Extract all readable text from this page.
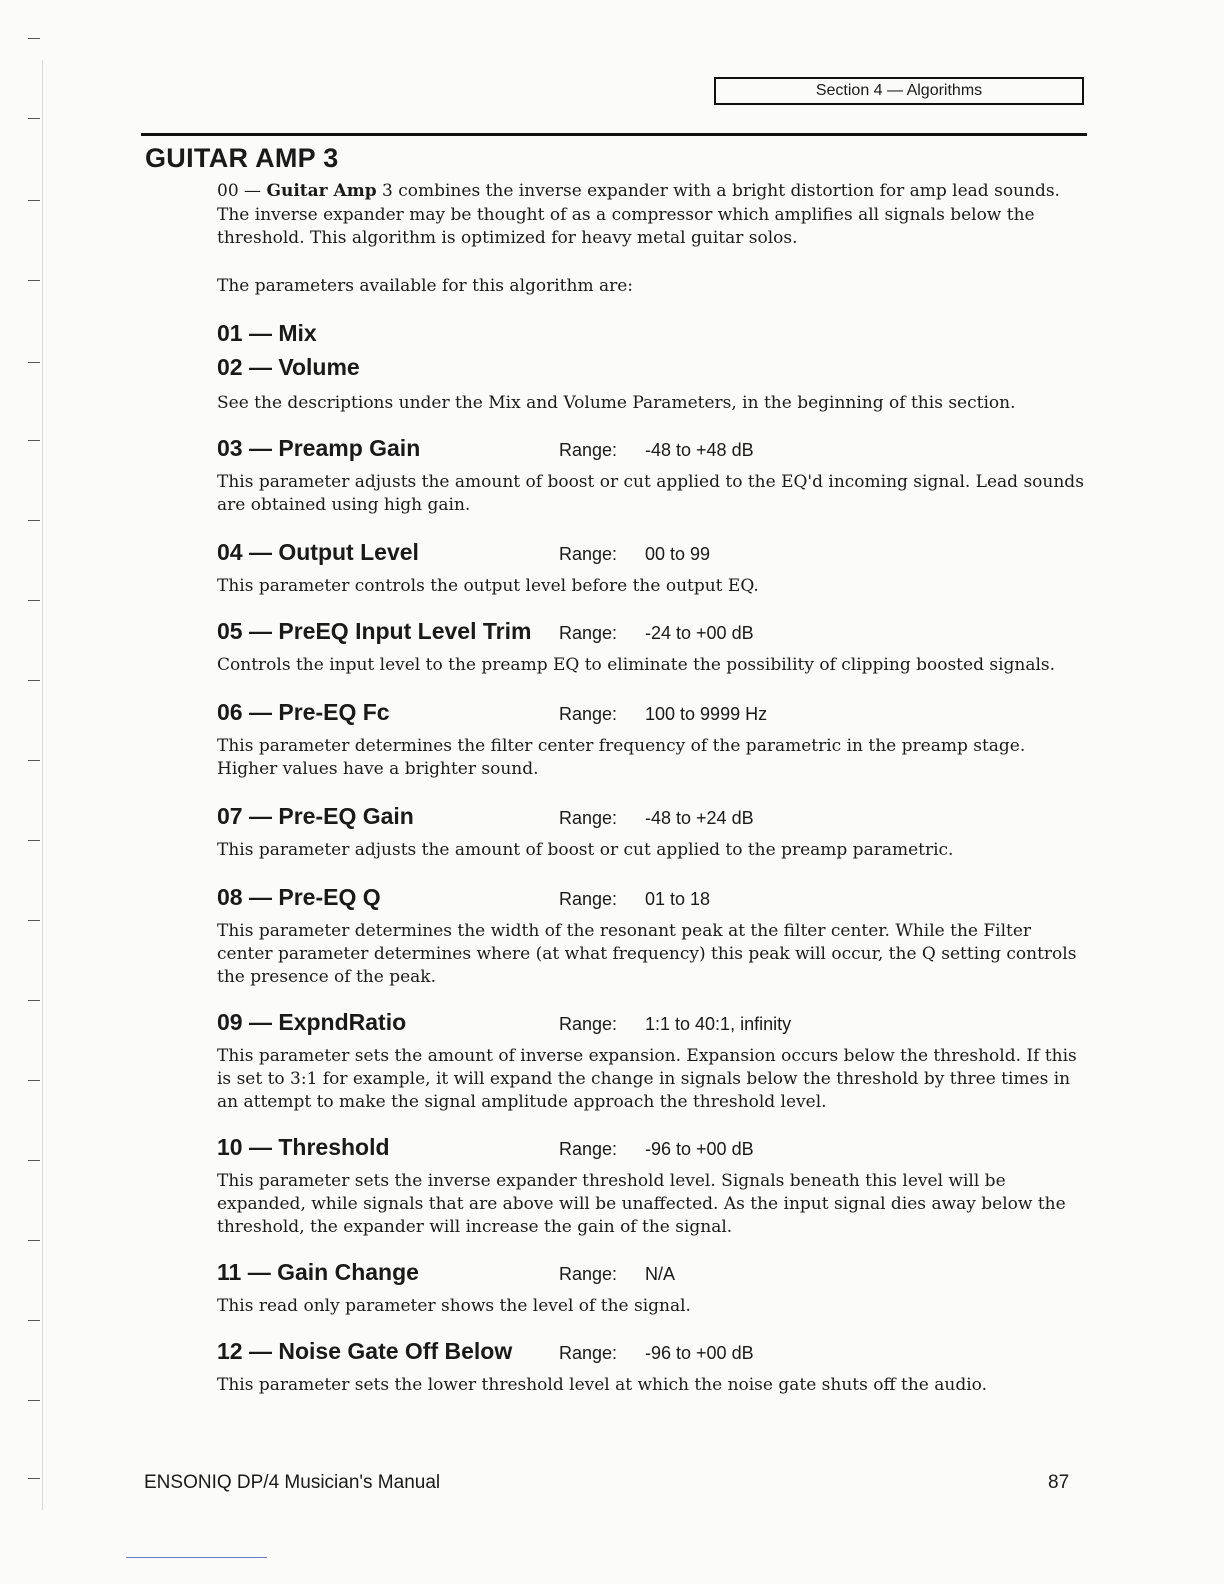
Section 4 — Algorithms
GUITAR AMP 3

00 — Guitar Amp 3 combines the inverse expander with a bright distortion for amp lead sounds. The inverse expander may be thought of as a compressor which amplifies all signals below the threshold. This algorithm is optimized for heavy metal guitar solos.

The parameters available for this algorithm are:

01 — Mix
02 — Volume

See the descriptions under the Mix and Volume Parameters, in the beginning of this section.

03 — Preamp Gain	Range:	-48 to +48 dB

This parameter adjusts the amount of boost or cut applied to the EQ'd incoming signal. Lead sounds are obtained using high gain.

04 — Output Level	Range:	00 to 99

This parameter controls the output level before the output EQ.

05 — PreEQ Input Level Trim	Range:	-24 to +00 dB

Controls the input level to the preamp EQ to eliminate the possibility of clipping boosted signals.

06 — Pre-EQ Fc	Range:	100 to 9999 Hz

This parameter determines the filter center frequency of the parametric in the preamp stage. Higher values have a brighter sound.

07 — Pre-EQ Gain	Range:	-48 to +24 dB

This parameter adjusts the amount of boost or cut applied to the preamp parametric.

08 — Pre-EQ Q	Range:	01 to 18

This parameter determines the width of the resonant peak at the filter center. While the Filter center parameter determines where (at what frequency) this peak will occur, the Q setting controls the presence of the peak.

09 — ExpndRatio	Range:	1:1 to 40:1, infinity

This parameter sets the amount of inverse expansion. Expansion occurs below the threshold. If this is set to 3:1 for example, it will expand the change in signals below the threshold by three times in an attempt to make the signal amplitude approach the threshold level.

10 — Threshold	Range:	-96 to +00 dB

This parameter sets the inverse expander threshold level. Signals beneath this level will be expanded, while signals that are above will be unaffected. As the input signal dies away below the threshold, the expander will increase the gain of the signal.

11 — Gain Change	Range:	N/A

This read only parameter shows the level of the signal.

12 — Noise Gate Off Below	Range:	-96 to +00 dB

This parameter sets the lower threshold level at which the noise gate shuts off the audio.

ENSONIQ DP/4 Musician's Manual	87
